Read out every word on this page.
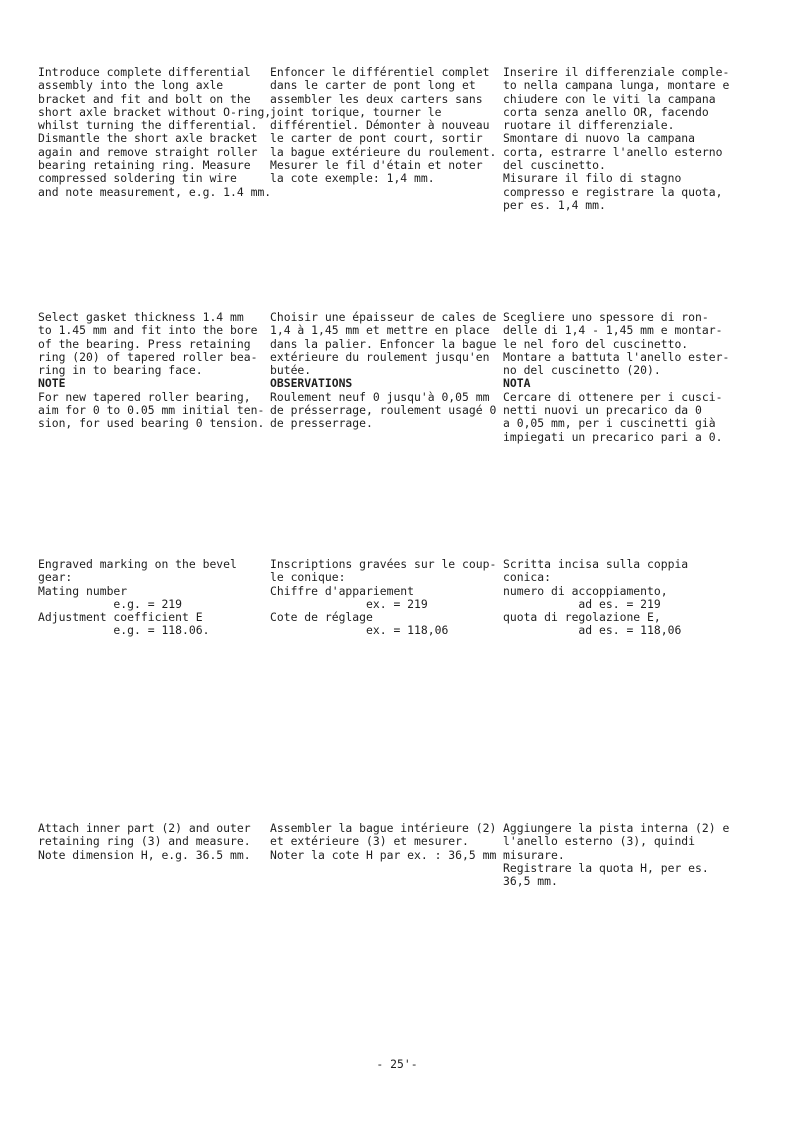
Introduce complete differential
assembly into the long axle
bracket and fit and bolt on the
short axle bracket without O-ring,
whilst turning the differential.
Dismantle the short axle bracket
again and remove straight roller
bearing retaining ring. Measure
compressed soldering tin wire
and note measurement, e.g. 1.4 mm.
Enfoncer le différentiel complet
dans le carter de pont long et
assembler les deux carters sans
joint torique, tourner le
différentiel. Démonter à nouveau
le carter de pont court, sortir
la bague extérieure du roulement.
Mesurer le fil d'étain et noter
la cote exemple: 1,4 mm.
Inserire il differenziale comple-
to nella campana lunga, montare e
chiudere con le viti la campana
corta senza anello OR, facendo
ruotare il differenziale.
Smontare di nuovo la campana
corta, estrarre l'anello esterno
del cuscinetto.
Misurare il filo di stagno
compresso e registrare la quota,
per es. 1,4 mm.
Select gasket thickness 1.4 mm
to 1.45 mm and fit into the bore
of the bearing. Press retaining
ring (20) of tapered roller bea-
ring in to bearing face.
NOTE
For new tapered roller bearing,
aim for 0 to 0.05 mm initial ten-
sion, for used bearing 0 tension.
Choisir une épaisseur de cales de
1,4 à 1,45 mm et mettre en place
dans la palier. Enfoncer la bague
extérieure du roulement jusqu'en
butée.
OBSERVATIONS
Roulement neuf 0 jusqu'à 0,05 mm
de présserrage, roulement usagé 0
de presserrage.
Scegliere uno spessore di ron-
delle di 1,4 - 1,45 mm e montar-
le nel foro del cuscinetto.
Montare a battuta l'anello ester-
no del cuscinetto (20).
NOTA
Cercare di ottenere per i cusci-
netti nuovi un precarico da 0
a 0,05 mm, per i cuscinetti già
impiegati un precarico pari a 0.
Engraved marking on the bevel
gear:
Mating number
e.g. = 219
Adjustment coefficient E
e.g. = 118.06.
Inscriptions gravées sur le coup-
le conique:
Chiffre d'appariement
ex. = 219
Cote de réglage
ex. = 118,06
Scritta incisa sulla coppia
conica:
numero di accoppiamento,
ad es. = 219
quota di regolazione E,
ad es. = 118,06
Attach inner part (2) and outer
retaining ring (3) and measure.
Note dimension H, e.g. 36.5 mm.
Assembler la bague intérieure (2)
et extérieure (3) et mesurer.
Noter la cote H par ex. : 36,5 mm
Aggiungere la pista interna (2) e
l'anello esterno (3), quindi
misurare.
Registrare la quota H, per es.
36,5 mm.
- 25'-
